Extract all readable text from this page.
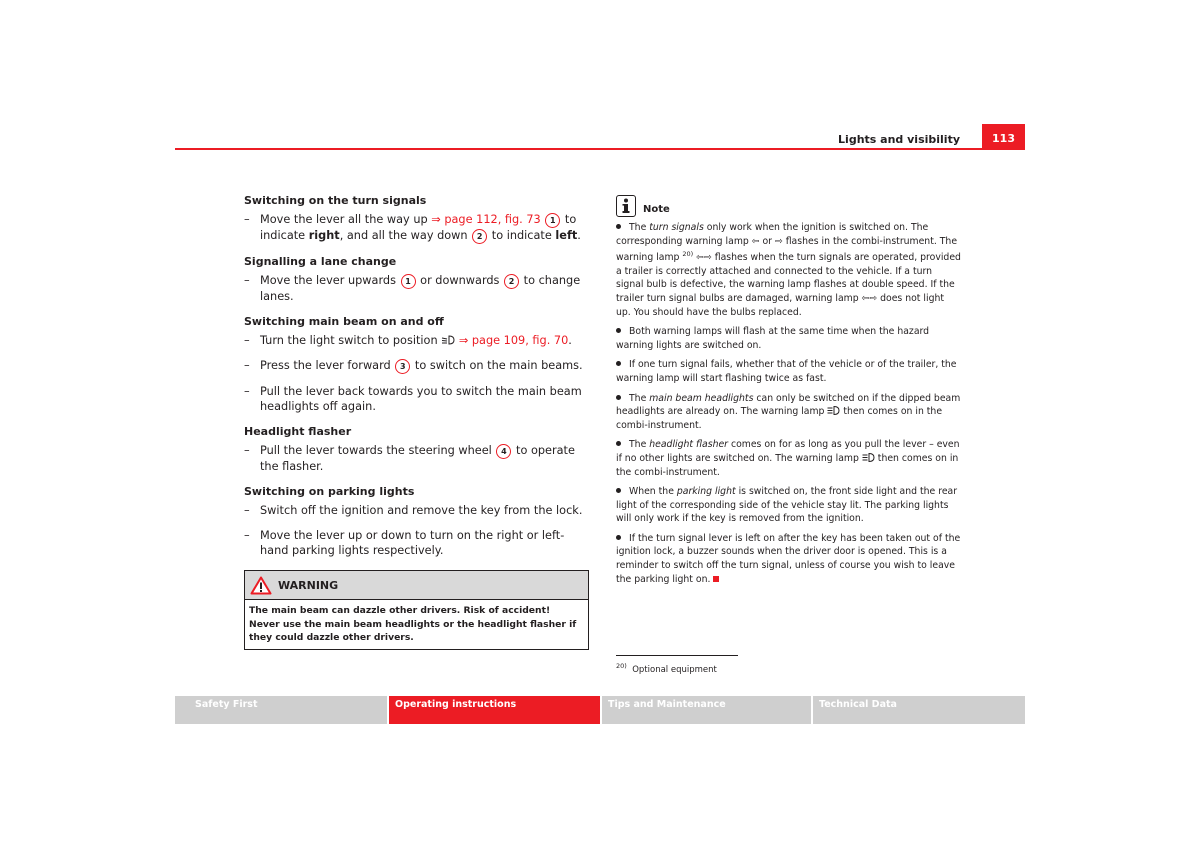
Lights and visibility	113
Switching on the turn signals
– Move the lever all the way up ⇒ page 112, fig. 73 1 to indicate right, and all the way down 2 to indicate left.
Signalling a lane change
– Move the lever upwards 1 or downwards 2 to change lanes.
Switching main beam on and off
– Turn the light switch to position  ⇒ page 109, fig. 70.
– Press the lever forward 3 to switch on the main beams.
– Pull the lever back towards you to switch the main beam headlights off again.
Headlight flasher
– Pull the lever towards the steering wheel 4 to operate the flasher.
Switching on parking lights
– Switch off the ignition and remove the key from the lock.
– Move the lever up or down to turn on the right or left-hand parking lights respectively.
WARNING
The main beam can dazzle other drivers. Risk of accident! Never use the main beam headlights or the headlight flasher if they could dazzle other drivers.
Note
The turn signals only work when the ignition is switched on. The corresponding warning lamp ⇦ or ⇨ flashes in the combi-instrument. The warning lamp $^{20)}$ ⇦⇨ flashes when the turn signals are operated, provided a trailer is correctly attached and connected to the vehicle. If a turn signal bulb is defective, the warning lamp flashes at double speed. If the trailer turn signal bulbs are damaged, warning lamp ⇦⇨ does not light up. You should have the bulbs replaced.
Both warning lamps will flash at the same time when the hazard warning lights are switched on.
If one turn signal fails, whether that of the vehicle or of the trailer, the warning lamp will start flashing twice as fast.
The main beam headlights can only be switched on if the dipped beam headlights are already on. The warning lamp  then comes on in the combi-instrument.
The headlight flasher comes on for as long as you pull the lever – even if no other lights are switched on. The warning lamp  then comes on in the combi-instrument.
When the parking light is switched on, the front side light and the rear light of the corresponding side of the vehicle stay lit. The parking lights will only work if the key is removed from the ignition.
If the turn signal lever is left on after the key has been taken out of the ignition lock, a buzzer sounds when the driver door is opened. This is a reminder to switch off the turn signal, unless of course you wish to leave the parking light on.
$^{20)}$ Optional equipment
Safety First	Operating instructions	Tips and Maintenance	Technical Data
